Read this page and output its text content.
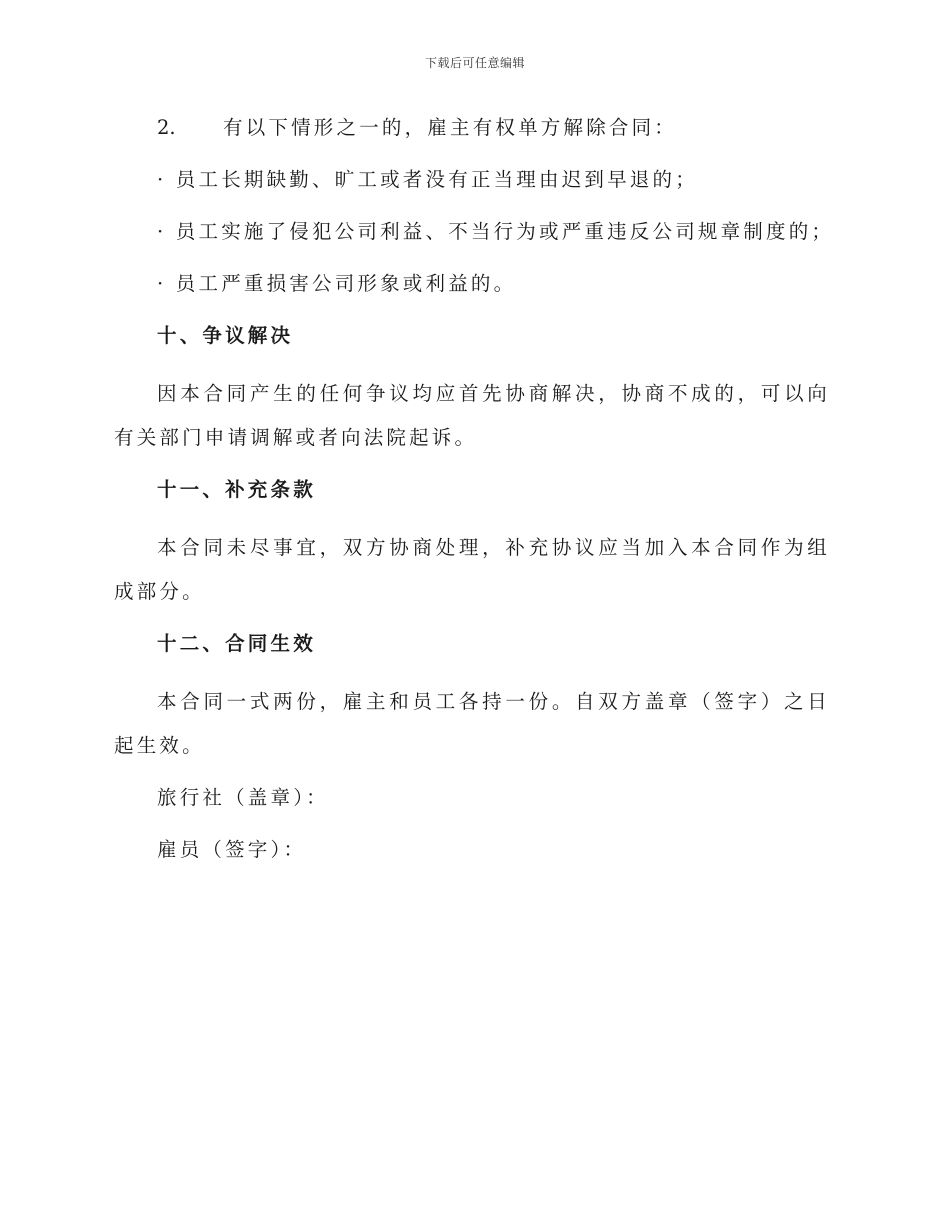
下载后可任意编辑

2. 有以下情形之一的，雇主有权单方解除合同：

· 员工长期缺勤、旷工或者没有正当理由迟到早退的；

· 员工实施了侵犯公司利益、不当行为或严重违反公司规章制度的；

· 员工严重损害公司形象或利益的。

十、争议解决

因本合同产生的任何争议均应首先协商解决，协商不成的，可以向有关部门申请调解或者向法院起诉。

十一、补充条款

本合同未尽事宜，双方协商处理，补充协议应当加入本合同作为组成部分。

十二、合同生效

本合同一式两份，雇主和员工各持一份。自双方盖章（签字）之日起生效。

旅行社（盖章）：

雇员（签字）：
